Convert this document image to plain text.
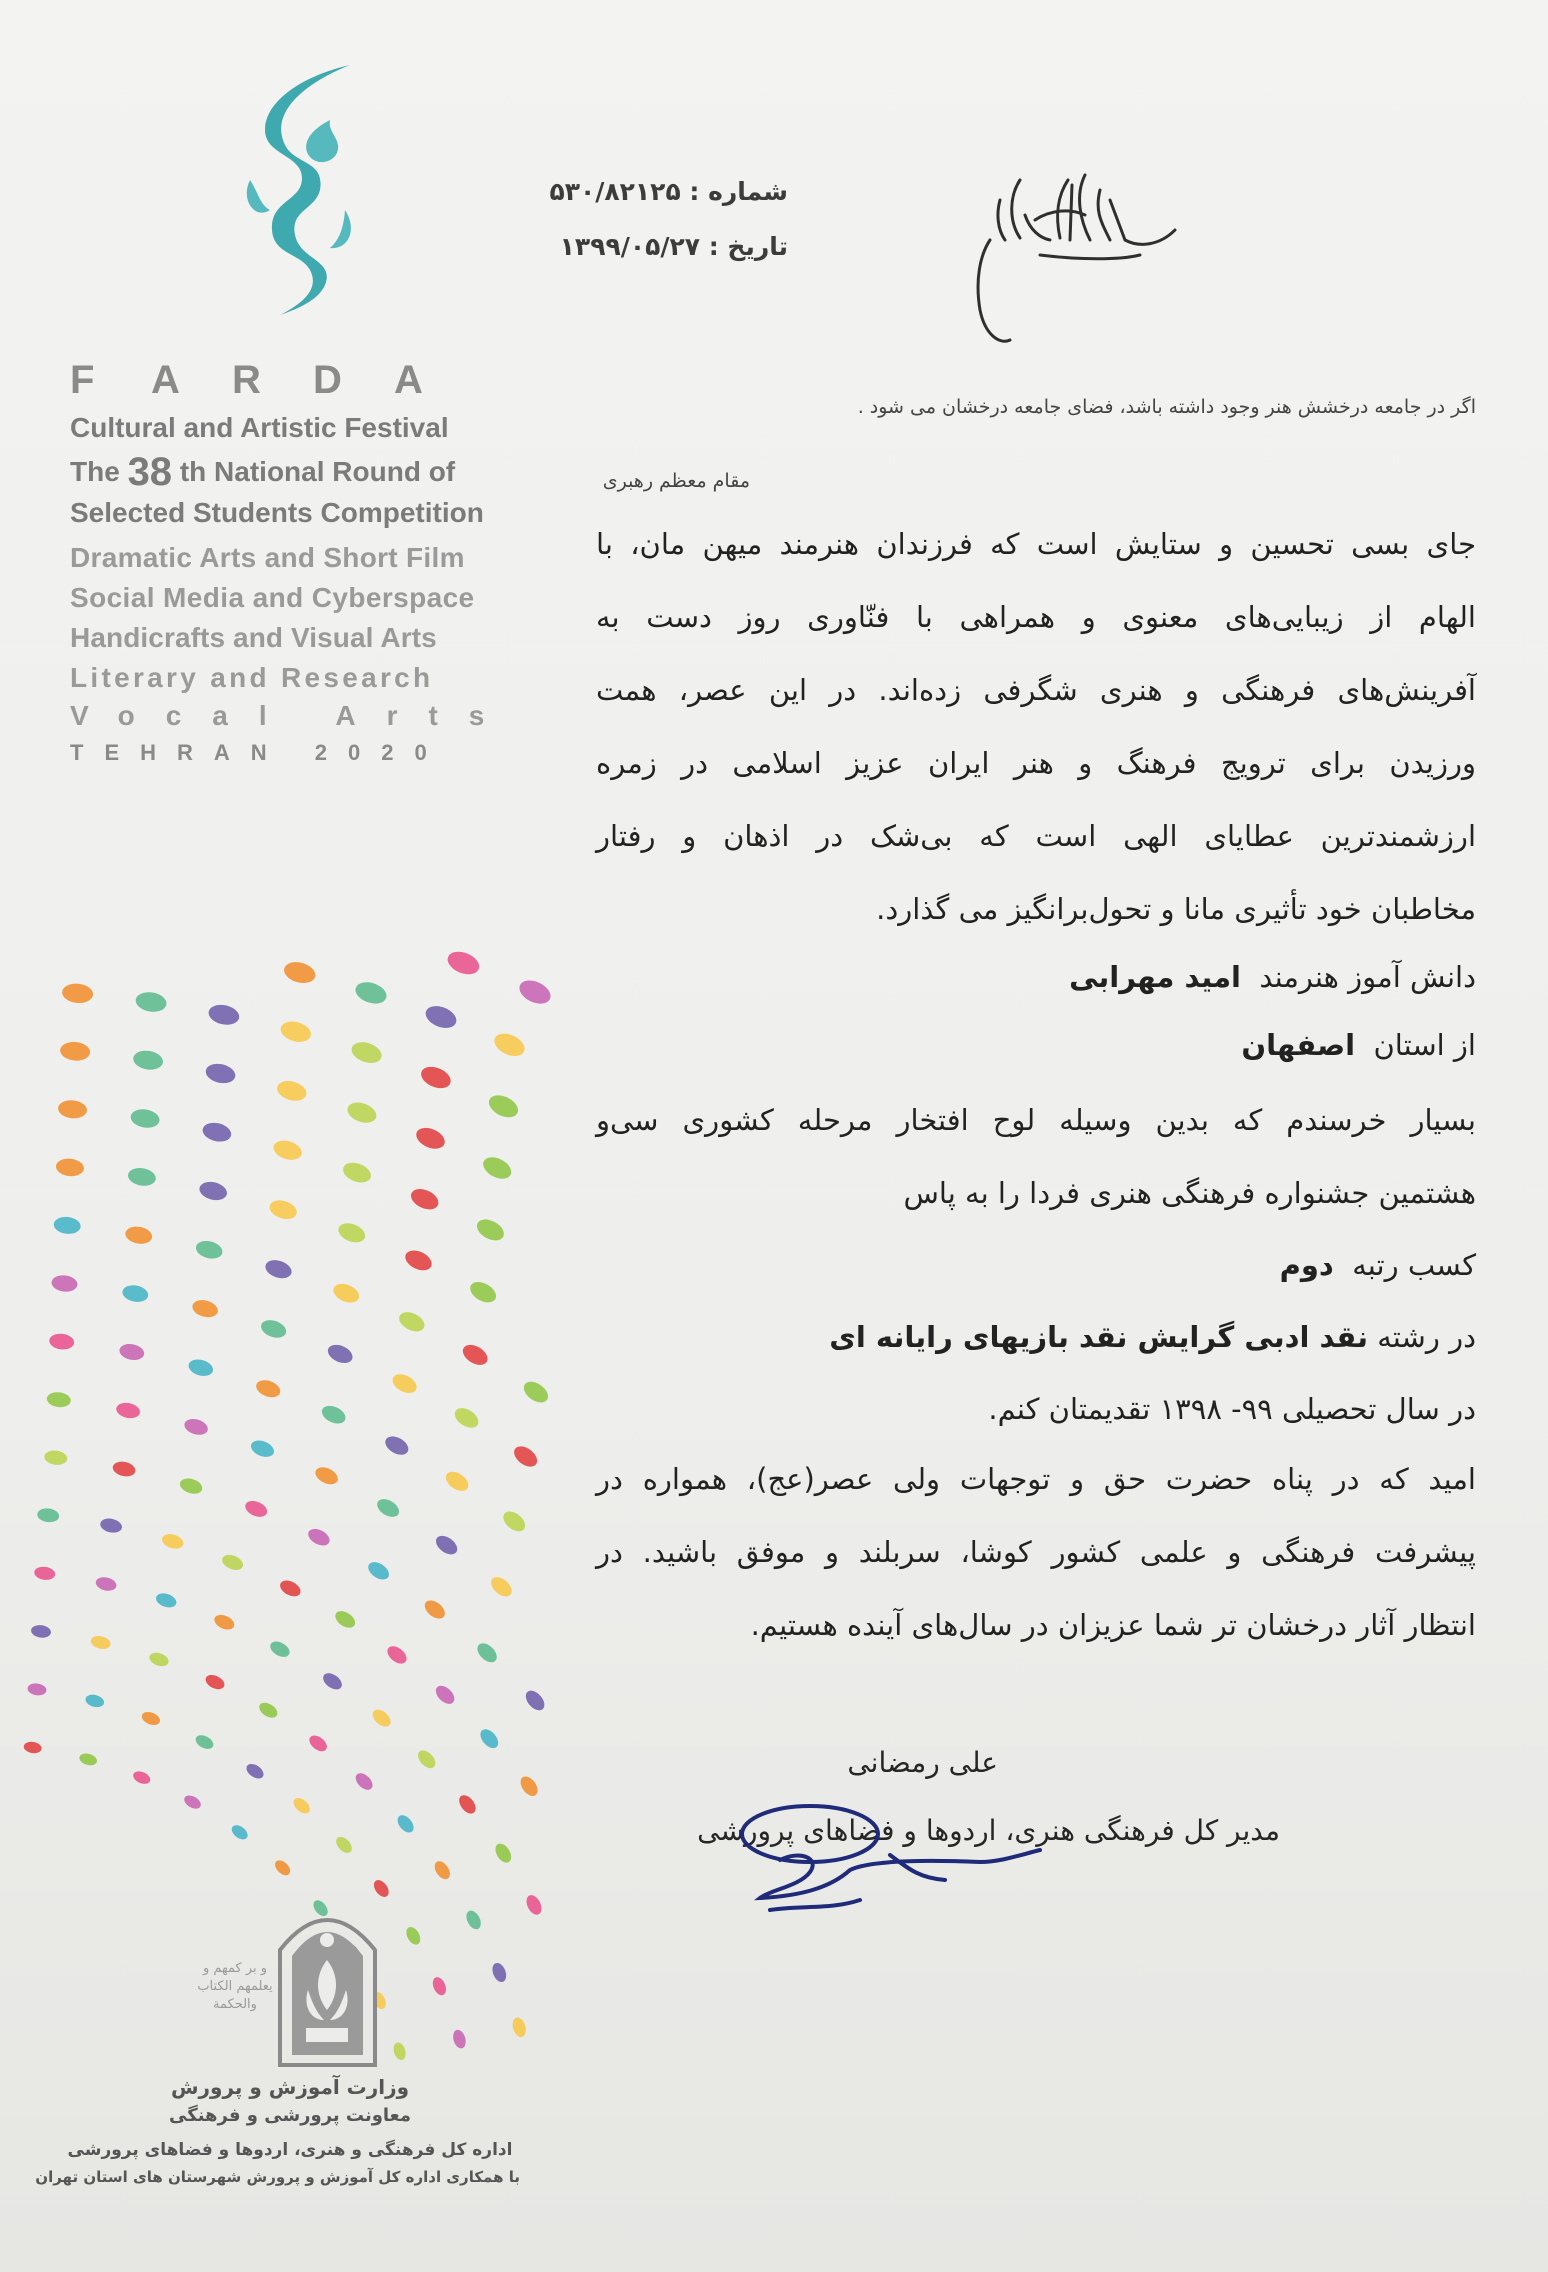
F A R D A
Cultural and Artistic Festival
The 38 th National Round of
Selected Students Competition
Dramatic Arts and Short Film
Social Media and Cyberspace
Handicrafts and Visual Arts
Literary and Research
Vocal Arts
TEHRAN 2020
و بر کمهم و یعلمهم الکتاب والحکمة
وزارت آموزش و پرورش
معاونت پرورشی و فرهنگی
اداره کل فرهنگی و هنری، اردوها و فضاهای پرورشی
با همکاری اداره کل آموزش و پرورش شهرستان های استان تهران
شماره : ۵۳۰/۸۲۱۲۵
تاریخ : ۱۳۹۹/۰۵/۲۷
اگر در جامعه درخشش هنر وجود داشته باشد، فضای جامعه درخشان می شود .
مقام معظم رهبری
جای بسی تحسین و ستایش است که فرزندان هنرمند میهن مان، با
الهام از زیبایی‌های معنوی و همراهی با فنّاوری روز دست به
آفرینش‌های فرهنگی و هنری شگرفی زده‌اند. در این عصر، همت
ورزیدن برای ترویج فرهنگ و هنر ایران عزیز اسلامی در زمره
ارزشمندترین عطایای الهی است که بی‌شک در اذهان و رفتار
مخاطبان خود تأثیری مانا و تحول‌برانگیز می گذارد.
دانش آموز هنرمند  امید مهرابی
از استان  اصفهان
بسیار خرسندم که بدین وسیله لوح افتخار مرحله کشوری سی‌و
هشتمین جشنواره فرهنگی هنری فردا را به پاس
کسب رتبه  دوم
در رشته نقد ادبی گرایش نقد بازیهای رایانه ای
در سال تحصیلی ۹۹- ۱۳۹۸ تقدیمتان کنم.
امید که در پناه حضرت حق و توجهات ولی عصر(عج)، همواره در
پیشرفت فرهنگی و علمی کشور کوشا، سربلند و موفق باشید. در
انتظار آثار درخشان تر شما عزیزان در سال‌های آینده هستیم.
علی رمضانی
مدیر کل فرهنگی هنری، اردوها و فضاهای پرورشی
